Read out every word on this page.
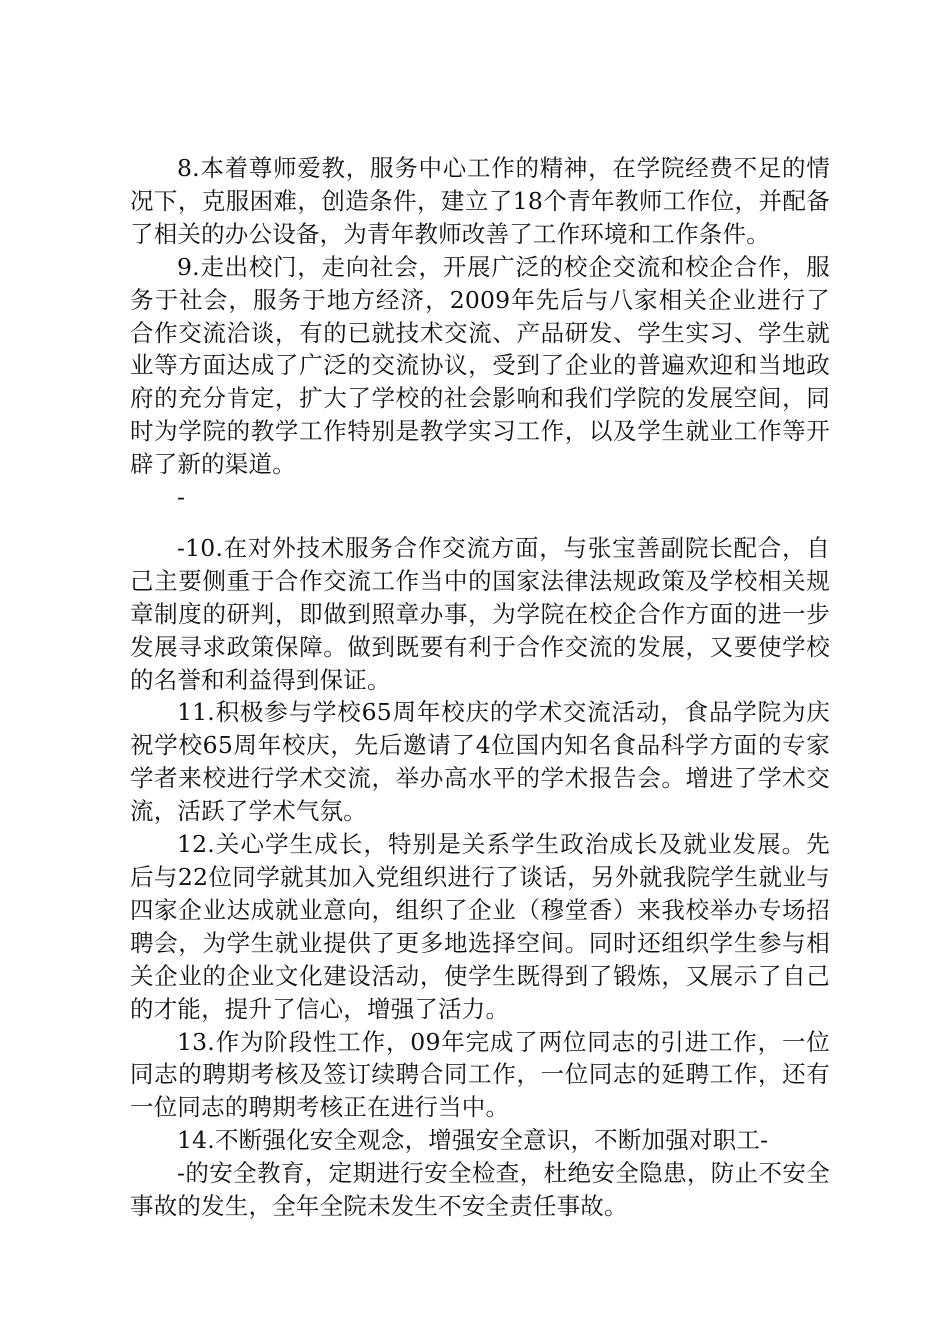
8.本着尊师爱教，服务中心工作的精神，在学院经费不足的情况下，克服困难，创造条件，建立了18个青年教师工作位，并配备了相关的办公设备，为青年教师改善了工作环境和工作条件。

9.走出校门，走向社会，开展广泛的校企交流和校企合作，服务于社会，服务于地方经济，2009年先后与八家相关企业进行了合作交流洽谈，有的已就技术交流、产品研发、学生实习、学生就业等方面达成了广泛的交流协议，受到了企业的普遍欢迎和当地政府的充分肯定，扩大了学校的社会影响和我们学院的发展空间，同时为学院的教学工作特别是教学实习工作，以及学生就业工作等开辟了新的渠道。

-

-10.在对外技术服务合作交流方面，与张宝善副院长配合，自己主要侧重于合作交流工作当中的国家法律法规政策及学校相关规章制度的研判，即做到照章办事，为学院在校企合作方面的进一步发展寻求政策保障。做到既要有利于合作交流的发展，又要使学校的名誉和利益得到保证。

11.积极参与学校65周年校庆的学术交流活动，食品学院为庆祝学校65周年校庆，先后邀请了4位国内知名食品科学方面的专家学者来校进行学术交流，举办高水平的学术报告会。增进了学术交流，活跃了学术气氛。

12.关心学生成长，特别是关系学生政治成长及就业发展。先后与22位同学就其加入党组织进行了谈话，另外就我院学生就业与四家企业达成就业意向，组织了企业（穆堂香）来我校举办专场招聘会，为学生就业提供了更多地选择空间。同时还组织学生参与相关企业的企业文化建设活动，使学生既得到了锻炼，又展示了自己的才能，提升了信心，增强了活力。

13.作为阶段性工作，09年完成了两位同志的引进工作，一位同志的聘期考核及签订续聘合同工作，一位同志的延聘工作，还有一位同志的聘期考核正在进行当中。

14.不断强化安全观念，增强安全意识，不断加强对职工-

-的安全教育，定期进行安全检查，杜绝安全隐患，防止不安全事故的发生，全年全院未发生不安全责任事故。
